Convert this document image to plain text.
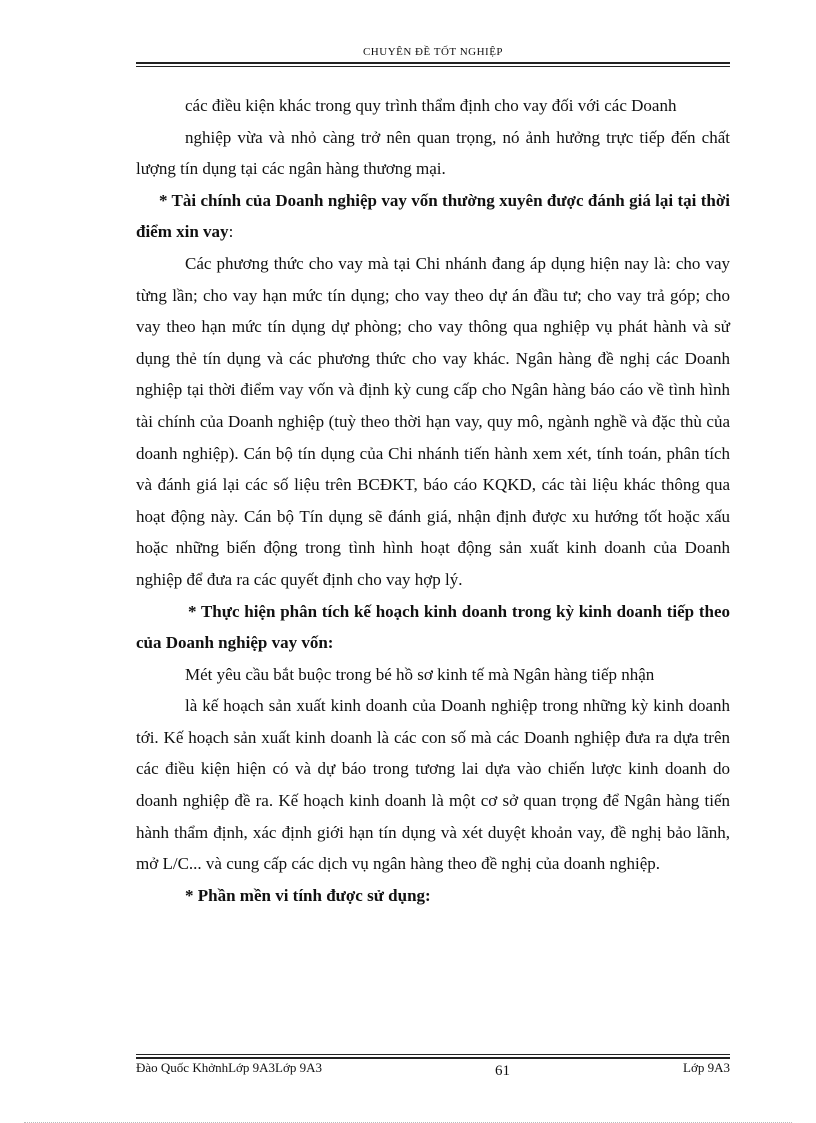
CHUYÊN ĐỀ TỐT NGHIỆP

các điều kiện khác trong quy trình thẩm định cho vay đối với các Doanh

nghiệp vừa và nhỏ càng trở nên quan trọng, nó ảnh hưởng trực tiếp đến chất lượng tín dụng tại các ngân hàng thương mại.

* Tài chính của Doanh nghiệp vay vốn thường xuyên được đánh giá lại tại thời điểm xin vay:

Các phương thức cho vay mà tại Chi nhánh đang áp dụng hiện nay là: cho vay từng lần; cho vay hạn mức tín dụng; cho vay theo dự án đầu tư; cho vay trả góp; cho vay theo hạn mức tín dụng dự phòng; cho vay thông qua nghiệp vụ phát hành và sử dụng thẻ tín dụng và các phương thức cho vay khác. Ngân hàng đề nghị các Doanh nghiệp tại thời điểm vay vốn và định kỳ cung cấp cho Ngân hàng báo cáo về tình hình tài chính của Doanh nghiệp (tuỳ theo thời hạn vay, quy mô, ngành nghề và đặc thù của doanh nghiệp). Cán bộ tín dụng của Chi nhánh tiến hành xem xét, tính toán, phân tích và đánh giá lại các số liệu trên BCĐKT, báo cáo KQKD, các tài liệu khác thông qua hoạt động này. Cán bộ Tín dụng sẽ đánh giá, nhận định được xu hướng tốt hoặc xấu hoặc những biến động trong tình hình hoạt động sản xuất kinh doanh của Doanh nghiệp để đưa ra các quyết định cho vay hợp lý.

* Thực hiện phân tích kế hoạch kinh doanh trong kỳ kinh doanh tiếp theo của Doanh nghiệp vay vốn:

Mét yêu cầu bắt buộc trong bé hồ sơ kinh tế mà Ngân hàng tiếp nhận

là kế hoạch sản xuất kinh doanh của Doanh nghiệp trong những kỳ kinh doanh tới. Kế hoạch sản xuất kinh doanh là các con số mà các Doanh nghiệp đưa ra dựa trên các điều kiện hiện có và dự báo trong tương lai dựa vào chiến lược kinh doanh do doanh nghiệp đề ra. Kế hoạch kinh doanh là một cơ sở quan trọng để Ngân hàng tiến hành thẩm định, xác định giới hạn tín dụng và xét duyệt khoản vay, đề nghị bảo lãnh, mở L/C... và cung cấp các dịch vụ ngân hàng theo đề nghị của doanh nghiệp.

* Phần mền vi tính được sử dụng:

Đào Quốc KhởnhLớp 9A3Lớp 9A3	61	Lớp 9A3
